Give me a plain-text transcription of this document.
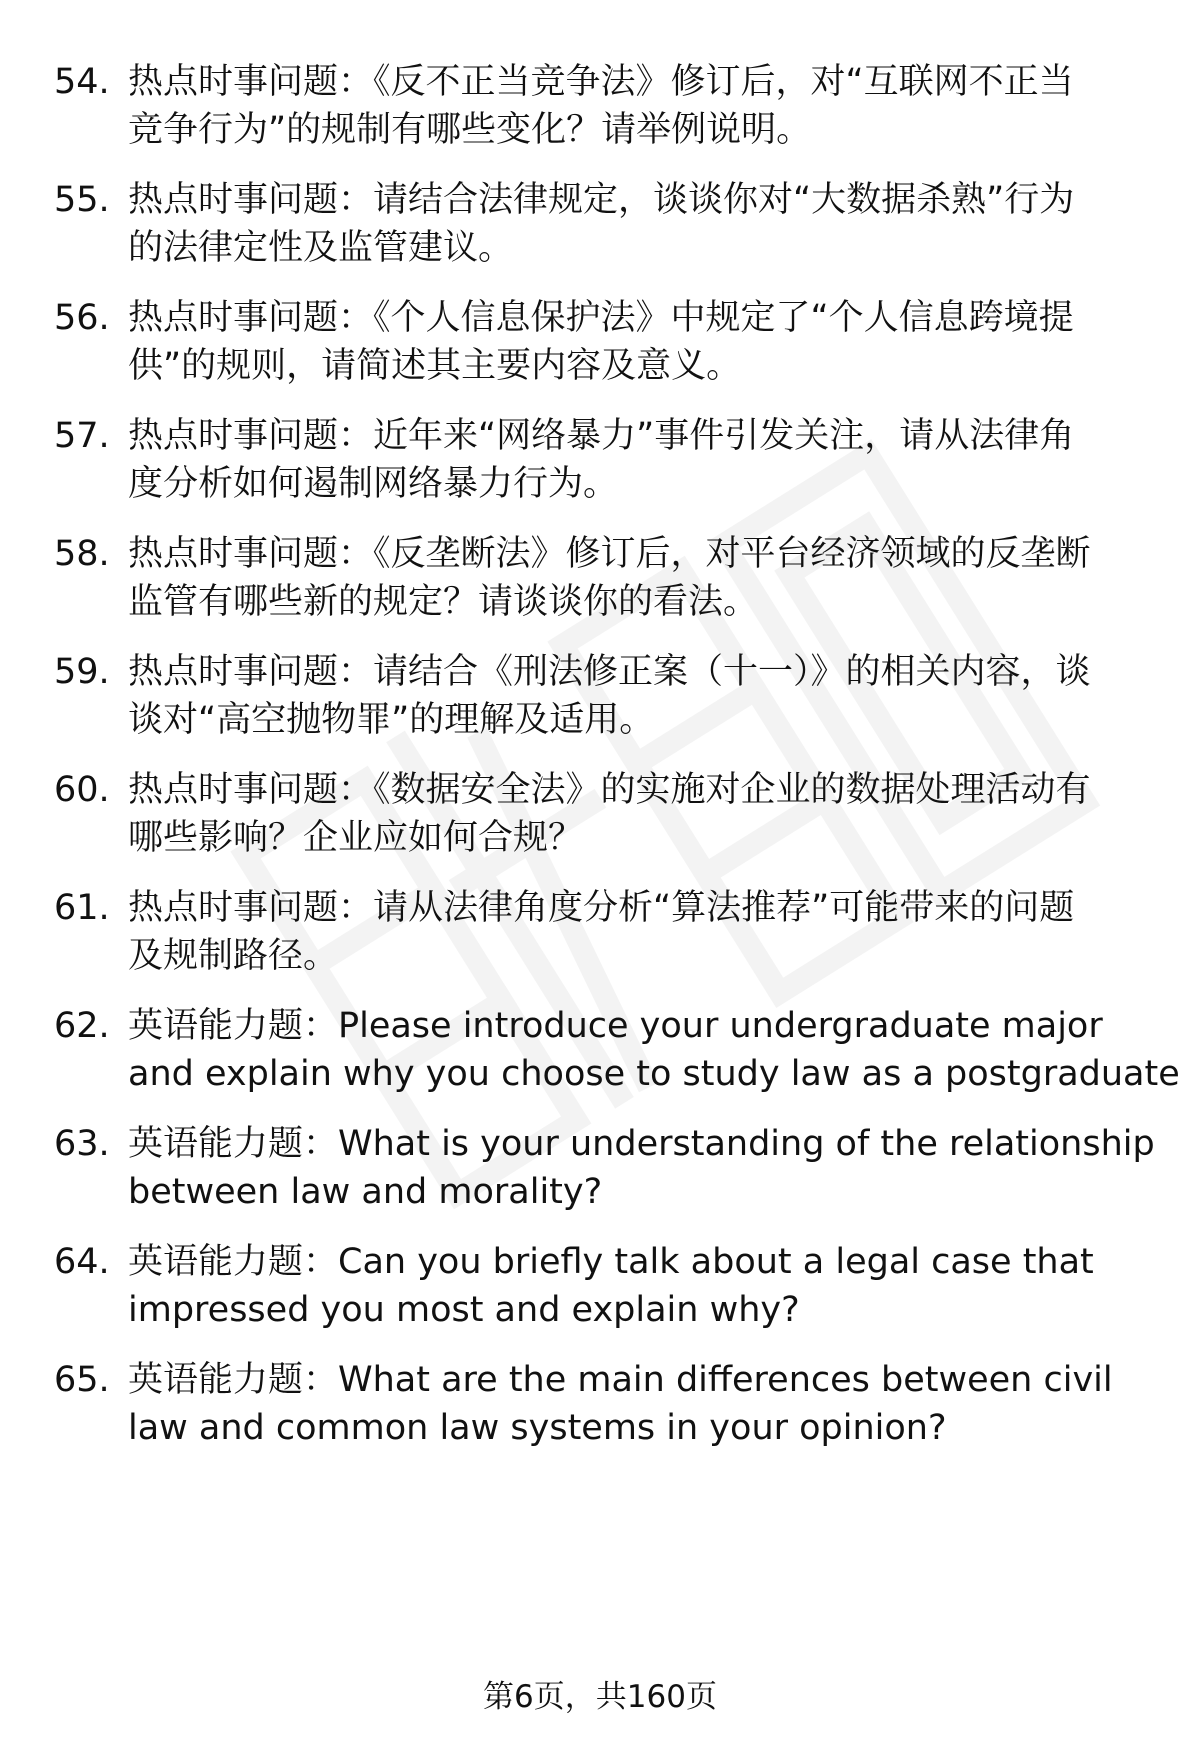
54. 热点时事问题：《反不正当竞争法》修订后，对“互联网不正当
竞争行为”的规制有哪些变化？请举例说明。
55. 热点时事问题：请结合法律规定，谈谈你对“大数据杀熟”行为
的法律定性及监管建议。
56. 热点时事问题：《个人信息保护法》中规定了“个人信息跨境提
供”的规则，请简述其主要内容及意义。
57. 热点时事问题：近年来“网络暴力”事件引发关注，请从法律角
度分析如何遏制网络暴力行为。
58. 热点时事问题：《反垄断法》修订后，对平台经济领域的反垄断
监管有哪些新的规定？请谈谈你的看法。
59. 热点时事问题：请结合《刑法修正案（十一）》的相关内容，谈
谈对“高空抛物罪”的理解及适用。
60. 热点时事问题：《数据安全法》的实施对企业的数据处理活动有
哪些影响？企业应如何合规？
61. 热点时事问题：请从法律角度分析“算法推荐”可能带来的问题
及规制路径。
62. 英语能力题：Please introduce your undergraduate major
and explain why you choose to study law as a postgraduate
63. 英语能力题：What is your understanding of the relationship
between law and morality?
64. 英语能力题：Can you briefly talk about a legal case that
impressed you most and explain why?
65. 英语能力题：What are the main differences between civil
law and common law systems in your opinion?
第6页，共160页
